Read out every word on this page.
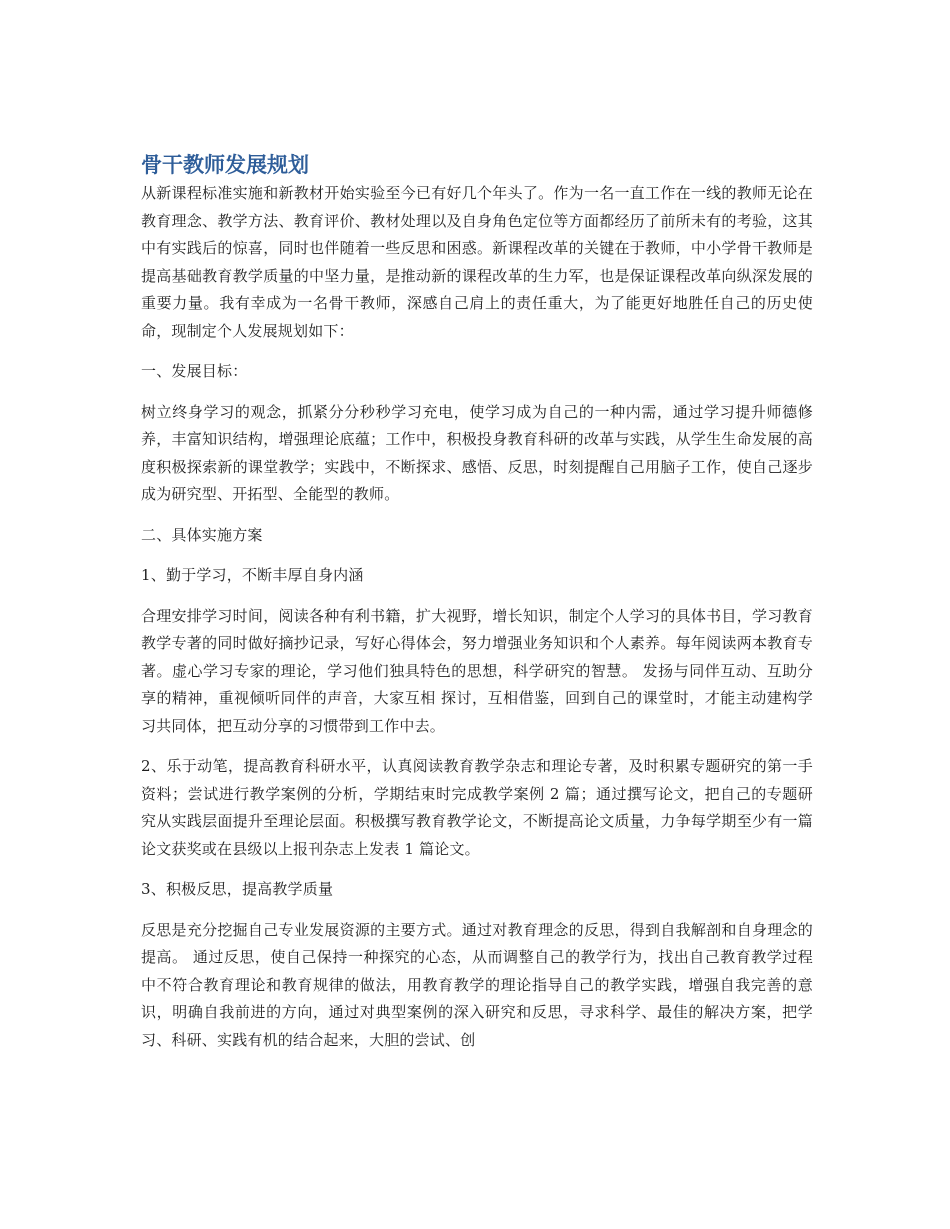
骨干教师发展规划

从新课程标准实施和新教材开始实验至今已有好几个年头了。作为一名一直工作在一线的教师无论在教育理念、教学方法、教育评价、教材处理以及自身角色定位等方面都经历了前所未有的考验，这其中有实践后的惊喜，同时也伴随着一些反思和困惑。新课程改革的关键在于教师，中小学骨干教师是提高基础教育教学质量的中坚力量，是推动新的课程改革的生力军，也是保证课程改革向纵深发展的重要力量。我有幸成为一名骨干教师，深感自己肩上的责任重大，为了能更好地胜任自己的历史使命，现制定个人发展规划如下：

一、发展目标：

树立终身学习的观念，抓紧分分秒秒学习充电，使学习成为自己的一种内需，通过学习提升师德修养，丰富知识结构，增强理论底蕴；工作中，积极投身教育科研的改革与实践，从学生生命发展的高度积极探索新的课堂教学；实践中，不断探求、感悟、反思，时刻提醒自己用脑子工作，使自己逐步成为研究型、开拓型、全能型的教师。

二、具体实施方案

1、勤于学习，不断丰厚自身内涵

合理安排学习时间，阅读各种有利书籍，扩大视野，增长知识，制定个人学习的具体书目，学习教育教学专著的同时做好摘抄记录，写好心得体会，努力增强业务知识和个人素养。每年阅读两本教育专著。虚心学习专家的理论，学习他们独具特色的思想，科学研究的智慧。 发扬与同伴互动、互助分享的精神，重视倾听同伴的声音，大家互相 探讨，互相借鉴，回到自己的课堂时，才能主动建构学习共同体，把互动分享的习惯带到工作中去。

2、乐于动笔，提高教育科研水平，认真阅读教育教学杂志和理论专著，及时积累专题研究的第一手资料；尝试进行教学案例的分析，学期结束时完成教学案例 2 篇；通过撰写论文，把自己的专题研究从实践层面提升至理论层面。积极撰写教育教学论文，不断提高论文质量，力争每学期至少有一篇论文获奖或在县级以上报刊杂志上发表 1 篇论文。

3、积极反思，提高教学质量

反思是充分挖掘自己专业发展资源的主要方式。通过对教育理念的反思，得到自我解剖和自身理念的提高。 通过反思，使自己保持一种探究的心态，从而调整自己的教学行为，找出自己教育教学过程中不符合教育理论和教育规律的做法，用教育教学的理论指导自己的教学实践，增强自我完善的意识，明确自我前进的方向，通过对典型案例的深入研究和反思，寻求科学、最佳的解决方案，把学习、科研、实践有机的结合起来，大胆的尝试、创
